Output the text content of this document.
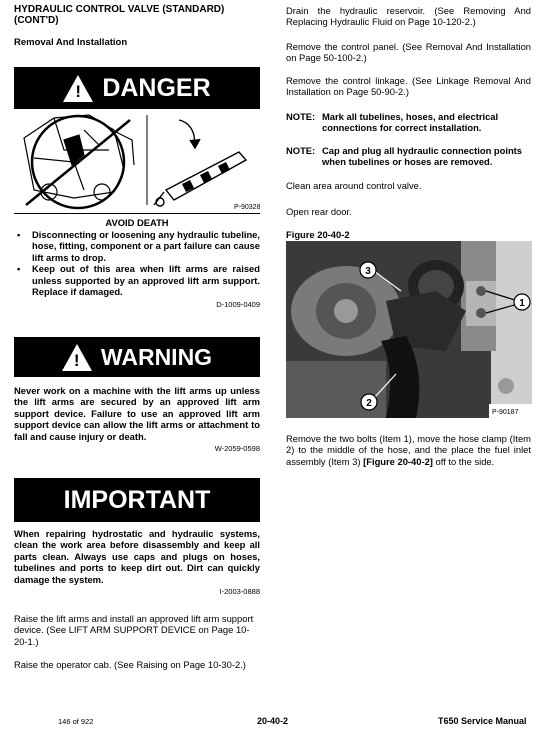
HYDRAULIC CONTROL VALVE (STANDARD)
(CONT'D)
Removal And Installation
! DANGER
P-90328
AVOID DEATH
• Disconnecting or loosening any hydraulic tubeline, hose, fitting, component or a part failure can cause lift arms to drop.
• Keep out of this area when lift arms are raised unless supported by an approved lift arm support. Replace if damaged.
D-1009-0409
! WARNING
Never work on a machine with the lift arms up unless the lift arms are secured by an approved lift arm support device. Failure to use an approved lift arm support device can allow the lift arms or attachment to fall and cause injury or death.
W-2059-0598
IMPORTANT
When repairing hydrostatic and hydraulic systems, clean the work area before disassembly and keep all parts clean. Always use caps and plugs on hoses, tubelines and ports to keep dirt out. Dirt can quickly damage the system.
I-2003-0888
Raise the lift arms and install an approved lift arm support device. (See LIFT ARM SUPPORT DEVICE on Page 10-20-1.)
Raise the operator cab. (See Raising on Page 10-30-2.)
Drain the hydraulic reservoir. (See Removing And Replacing Hydraulic Fluid on Page 10-120-2.)
Remove the control panel. (See Removal And Installation on Page 50-100-2.)
Remove the control linkage. (See Linkage Removal And Installation on Page 50-90-2.)
NOTE: Mark all tubelines, hoses, and electrical connections for correct installation.
NOTE: Cap and plug all hydraulic connection points when tubelines or hoses are removed.
Clean area around control valve.
Open rear door.
Figure 20-40-2
1
2
3
P-90187
Remove the two bolts (Item 1), move the hose clamp (Item 2) to the middle of the hose, and the place the fuel inlet assembly (Item 3) [Figure 20-40-2] off to the side.
146 of 922	20-40-2	T650 Service Manual
